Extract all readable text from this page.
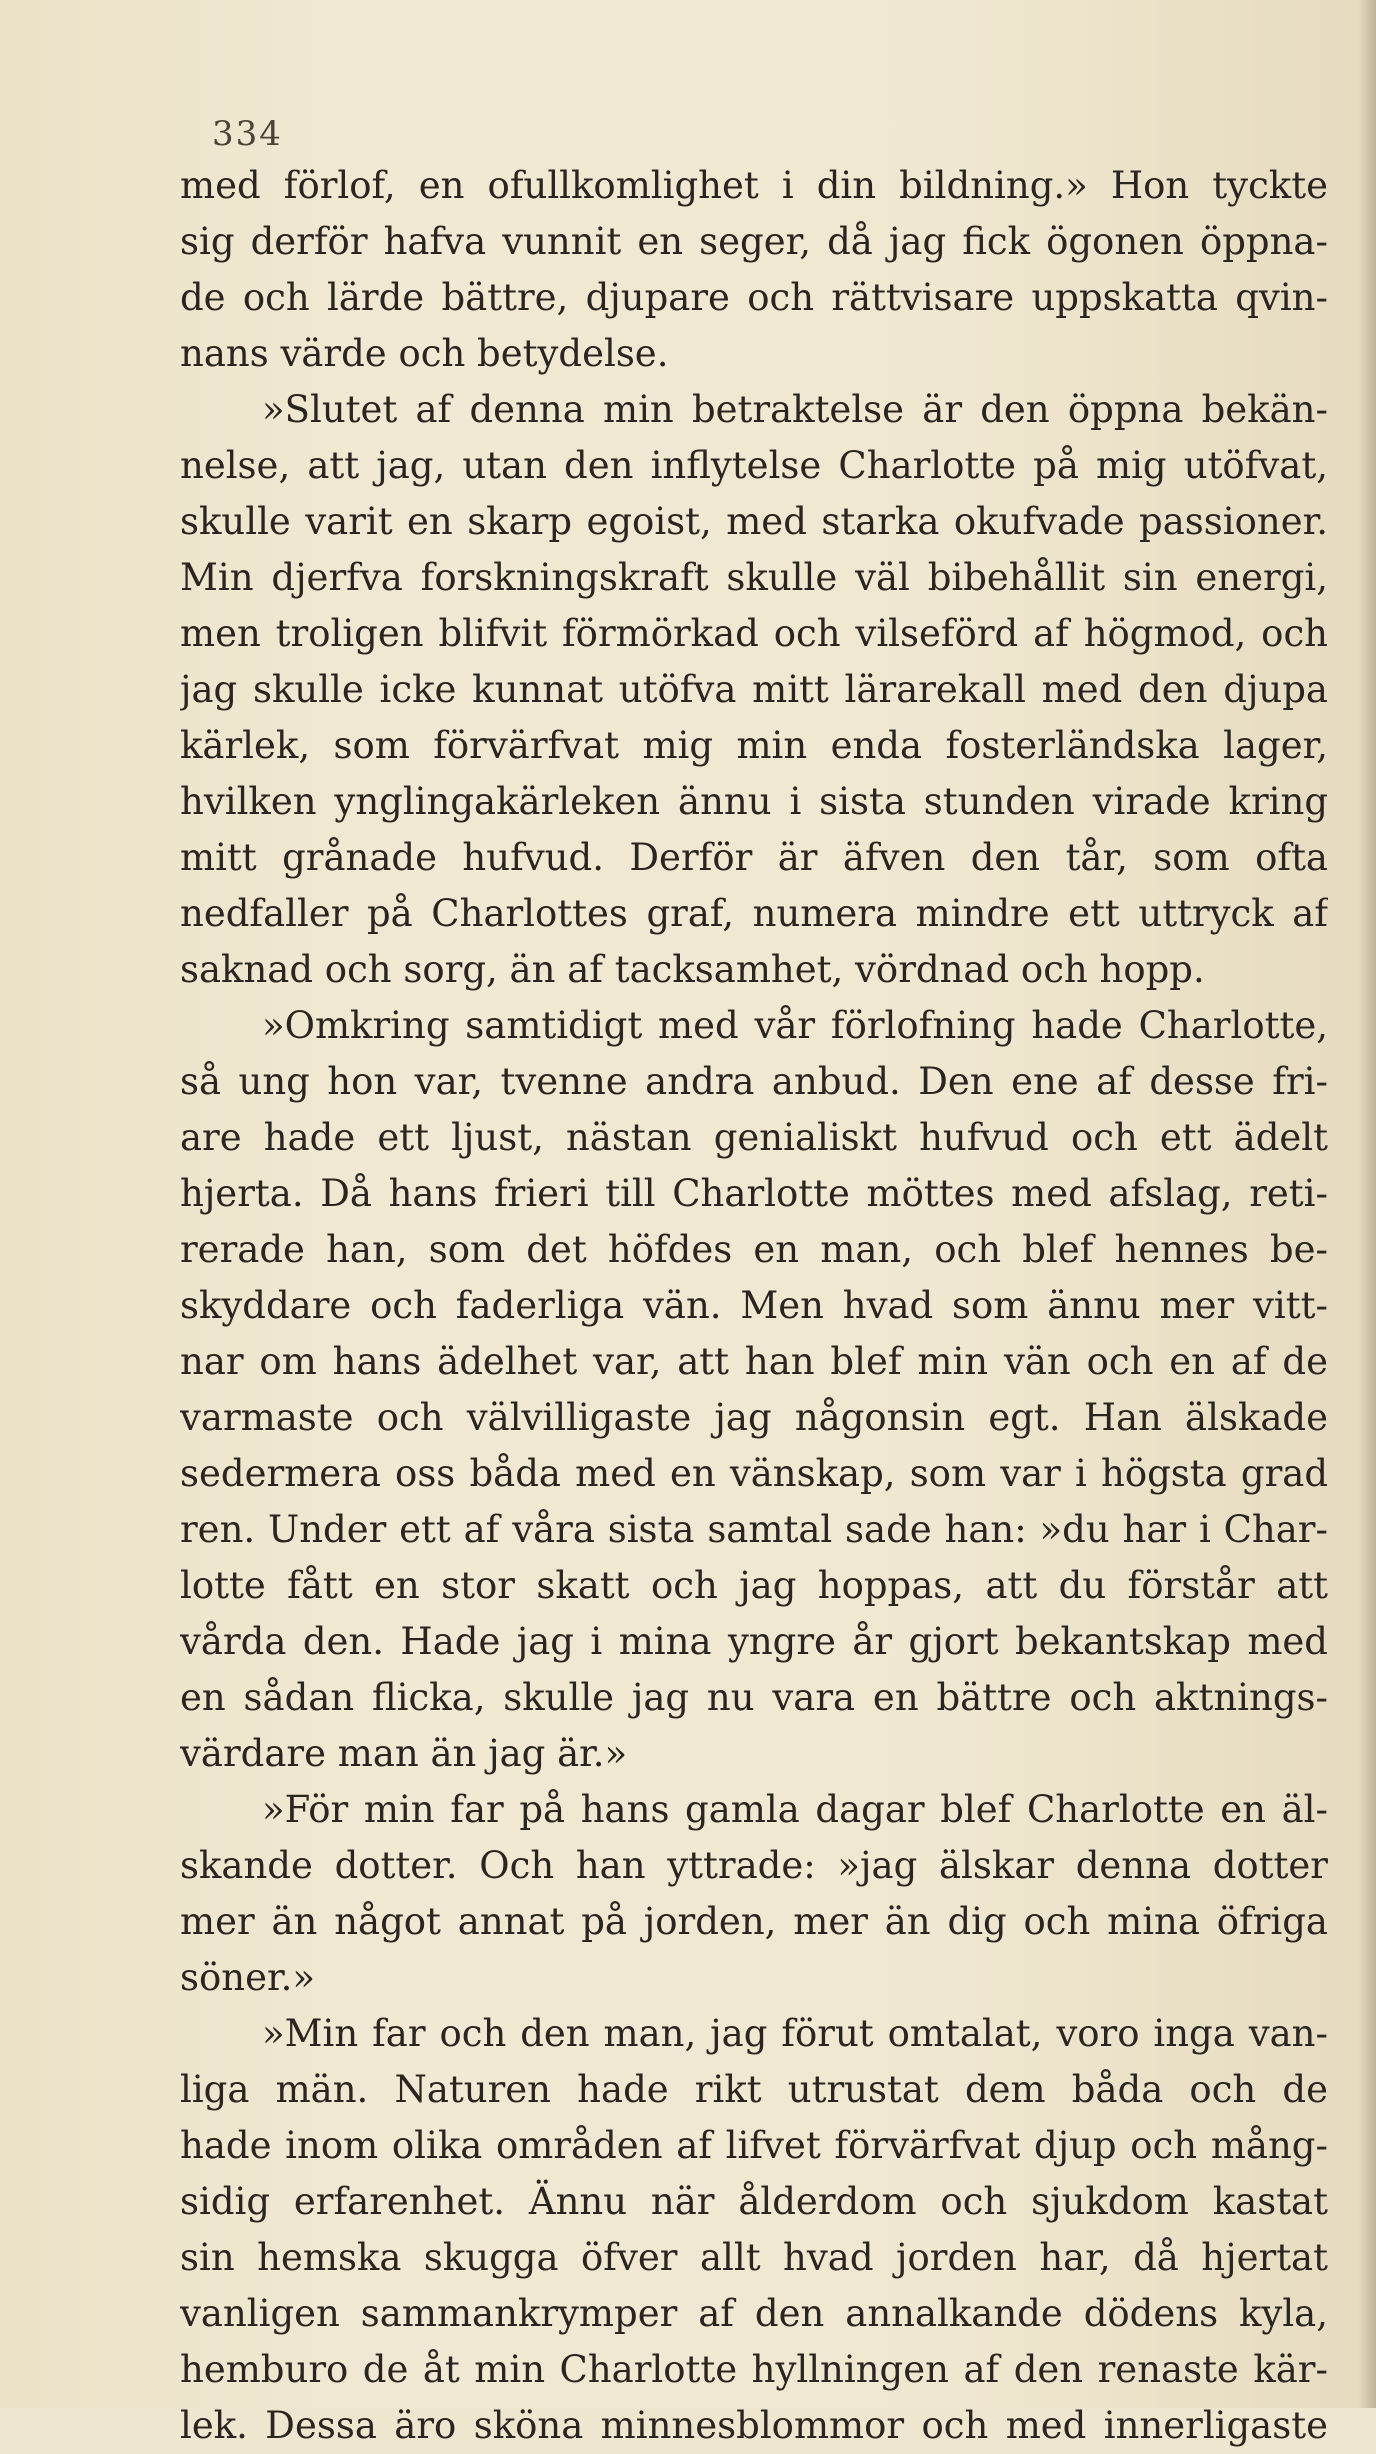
334
med förlof, en ofullkomlighet i din bildning.» Hon tyckte
sig derför hafva vunnit en seger, då jag fick ögonen öppna-
de och lärde bättre, djupare och rättvisare uppskatta qvin-
nans värde och betydelse.
»Slutet af denna min betraktelse är den öppna bekän-
nelse, att jag, utan den inflytelse Charlotte på mig utöfvat,
skulle varit en skarp egoist, med starka okufvade passioner.
Min djerfva forskningskraft skulle väl bibehållit sin energi,
men troligen blifvit förmörkad och vilseförd af högmod, och
jag skulle icke kunnat utöfva mitt lärarekall med den djupa
kärlek, som förvärfvat mig min enda fosterländska lager,
hvilken ynglingakärleken ännu i sista stunden virade kring
mitt grånade hufvud. Derför är äfven den tår, som ofta
nedfaller på Charlottes graf, numera mindre ett uttryck af
saknad och sorg, än af tacksamhet, vördnad och hopp.
»Omkring samtidigt med vår förlofning hade Charlotte,
så ung hon var, tvenne andra anbud. Den ene af desse fri-
are hade ett ljust, nästan genialiskt hufvud och ett ädelt
hjerta. Då hans frieri till Charlotte möttes med afslag, reti-
rerade han, som det höfdes en man, och blef hennes be-
skyddare och faderliga vän. Men hvad som ännu mer vitt-
nar om hans ädelhet var, att han blef min vän och en af de
varmaste och välvilligaste jag någonsin egt. Han älskade
sedermera oss båda med en vänskap, som var i högsta grad
ren. Under ett af våra sista samtal sade han: »du har i Char-
lotte fått en stor skatt och jag hoppas, att du förstår att
vårda den. Hade jag i mina yngre år gjort bekantskap med
en sådan flicka, skulle jag nu vara en bättre och aktnings-
värdare man än jag är.»
»För min far på hans gamla dagar blef Charlotte en äl-
skande dotter. Och han yttrade: »jag älskar denna dotter
mer än något annat på jorden, mer än dig och mina öfriga
söner.»
»Min far och den man, jag förut omtalat, voro inga van-
liga män. Naturen hade rikt utrustat dem båda och de
hade inom olika områden af lifvet förvärfvat djup och mång-
sidig erfarenhet. Ännu när ålderdom och sjukdom kastat
sin hemska skugga öfver allt hvad jorden har, då hjertat
vanligen sammankrymper af den annalkande dödens kyla,
hemburo de åt min Charlotte hyllningen af den renaste kär-
lek. Dessa äro sköna minnesblommor och med innerligaste
